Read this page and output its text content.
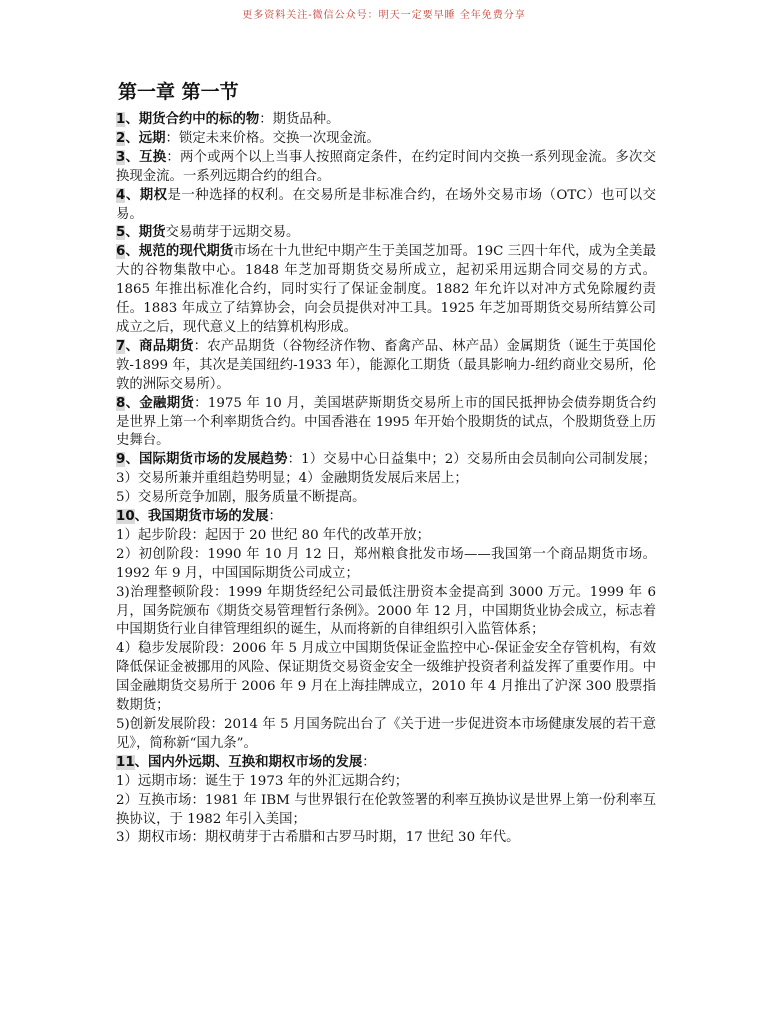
更多资料关注-微信公众号：明天一定要早睡 全年免费分享
第一章 第一节

1、期货合约中的标的物：期货品种。

2、远期：锁定未来价格。交换一次现金流。

3、互换：两个或两个以上当事人按照商定条件，在约定时间内交换一系列现金流。多次交换现金流。一系列远期合约的组合。

4、期权是一种选择的权利。在交易所是非标准合约，在场外交易市场（OTC）也可以交易。

5、期货交易萌芽于远期交易。

6、规范的现代期货市场在十九世纪中期产生于美国芝加哥。19C 三四十年代，成为全美最大的谷物集散中心。1848 年芝加哥期货交易所成立，起初采用远期合同交易的方式。1865 年推出标准化合约，同时实行了保证金制度。1882 年允许以对冲方式免除履约责任。1883 年成立了结算协会，向会员提供对冲工具。1925 年芝加哥期货交易所结算公司成立之后，现代意义上的结算机构形成。

7、商品期货：农产品期货（谷物经济作物、畜禽产品、林产品）金属期货（诞生于英国伦敦-1899 年，其次是美国纽约-1933 年），能源化工期货（最具影响力-纽约商业交易所，伦敦的洲际交易所）。

8、金融期货：1975 年 10 月，美国堪萨斯期货交易所上市的国民抵押协会债券期货合约是世界上第一个利率期货合约。中国香港在 1995 年开始个股期货的试点，个股期货登上历史舞台。

9、国际期货市场的发展趋势：1）交易中心日益集中；2）交易所由会员制向公司制发展；3）交易所兼并重组趋势明显；4）金融期货发展后来居上；

5）交易所竞争加剧，服务质量不断提高。

10、我国期货市场的发展：

1）起步阶段：起因于 20 世纪 80 年代的改革开放；

2）初创阶段：1990 年 10 月 12 日，郑州粮食批发市场——我国第一个商品期货市场。1992 年 9 月，中国国际期货公司成立；

3)治理整顿阶段：1999 年期货经纪公司最低注册资本金提高到 3000 万元。1999 年 6 月，国务院颁布《期货交易管理暂行条例》。2000 年 12 月，中国期货业协会成立，标志着中国期货行业自律管理组织的诞生，从而将新的自律组织引入监管体系；

4）稳步发展阶段：2006 年 5 月成立中国期货保证金监控中心-保证金安全存管机构，有效降低保证金被挪用的风险、保证期货交易资金安全一级维护投资者利益发挥了重要作用。中国金融期货交易所于 2006 年 9 月在上海挂牌成立，2010 年 4 月推出了沪深 300 股票指数期货；

5)创新发展阶段：2014 年 5 月国务院出台了《关于进一步促进资本市场健康发展的若干意见》，简称新“国九条”。

11、国内外远期、互换和期权市场的发展：

1）远期市场：诞生于 1973 年的外汇远期合约；

2）互换市场：1981 年 IBM 与世界银行在伦敦签署的利率互换协议是世界上第一份利率互换协议，于 1982 年引入美国；

3）期权市场：期权萌芽于古希腊和古罗马时期，17 世纪 30 年代。
